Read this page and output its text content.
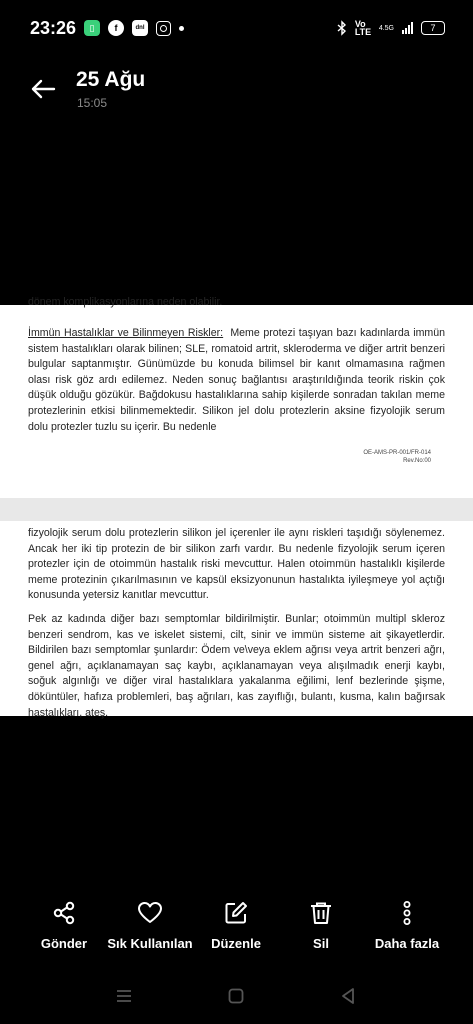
23:26	▯	f	dnl	Vo LTE 4.5G	7
25 Ağu
15:05
dönem komplikasyonlarına neden olabilir.
İmmün Hastalıklar ve Bilinmeyen Riskler: Meme protezi taşıyan bazı kadınlarda immün sistem hastalıkları olarak bilinen; SLE, romatoid artrit, skleroderma ve diğer artrit benzeri bulgular saptanmıştır. Günümüzde bu konuda bilimsel bir kanıt olmamasına rağmen olası risk göz ardı edilemez. Neden sonuç bağlantısı araştırıldığında teorik riskin çok düşük olduğu gözükür. Bağdokusu hastalıklarına sahip kişilerde sonradan takılan meme protezlerinin etkisi bilinmemektedir. Silikon jel dolu protezlerin aksine fizyolojik serum dolu protezler tuzlu su içerir. Bu nedenle
OE-AMS-PR-001/FR-014
Rev.No:00
fizyolojik serum dolu protezlerin silikon jel içerenler ile aynı riskleri taşıdığı söylenemez. Ancak her iki tip protezin de bir silikon zarfı vardır. Bu nedenle fizyolojik serum içeren protezler için de otoimmün hastalık riski mevcuttur. Halen otoimmün hastalıklı kişilerde meme protezinin çıkarılmasının ve kapsül eksizyonunun hastalıkta iyileşmeye yol açtığı konusunda yetersiz kanıtlar mevcuttur.
Pek az kadında diğer bazı semptomlar bildirilmiştir. Bunlar; otoimmün multipl skleroz benzeri sendrom, kas ve iskelet sistemi, cilt, sinir ve immün sisteme ait şikayetlerdir. Bildirilen bazı semptomlar şunlardır: Ödem ve\veya eklem ağrısı veya artrit benzeri ağrı, genel ağrı, açıklanamayan saç kaybı, açıklanamayan veya alışılmadık enerji kaybı, soğuk algınlığı ve diğer viral hastalıklara yakalanma eğilimi, lenf bezlerinde şişme, döküntüler, hafıza problemleri, baş ağrıları, kas zayıflığı, bulantı, kusma, kalın bağırsak hastalıkları, ateş.
Gönder Sık Kullanılan Düzenle	Sil	Daha fazla
